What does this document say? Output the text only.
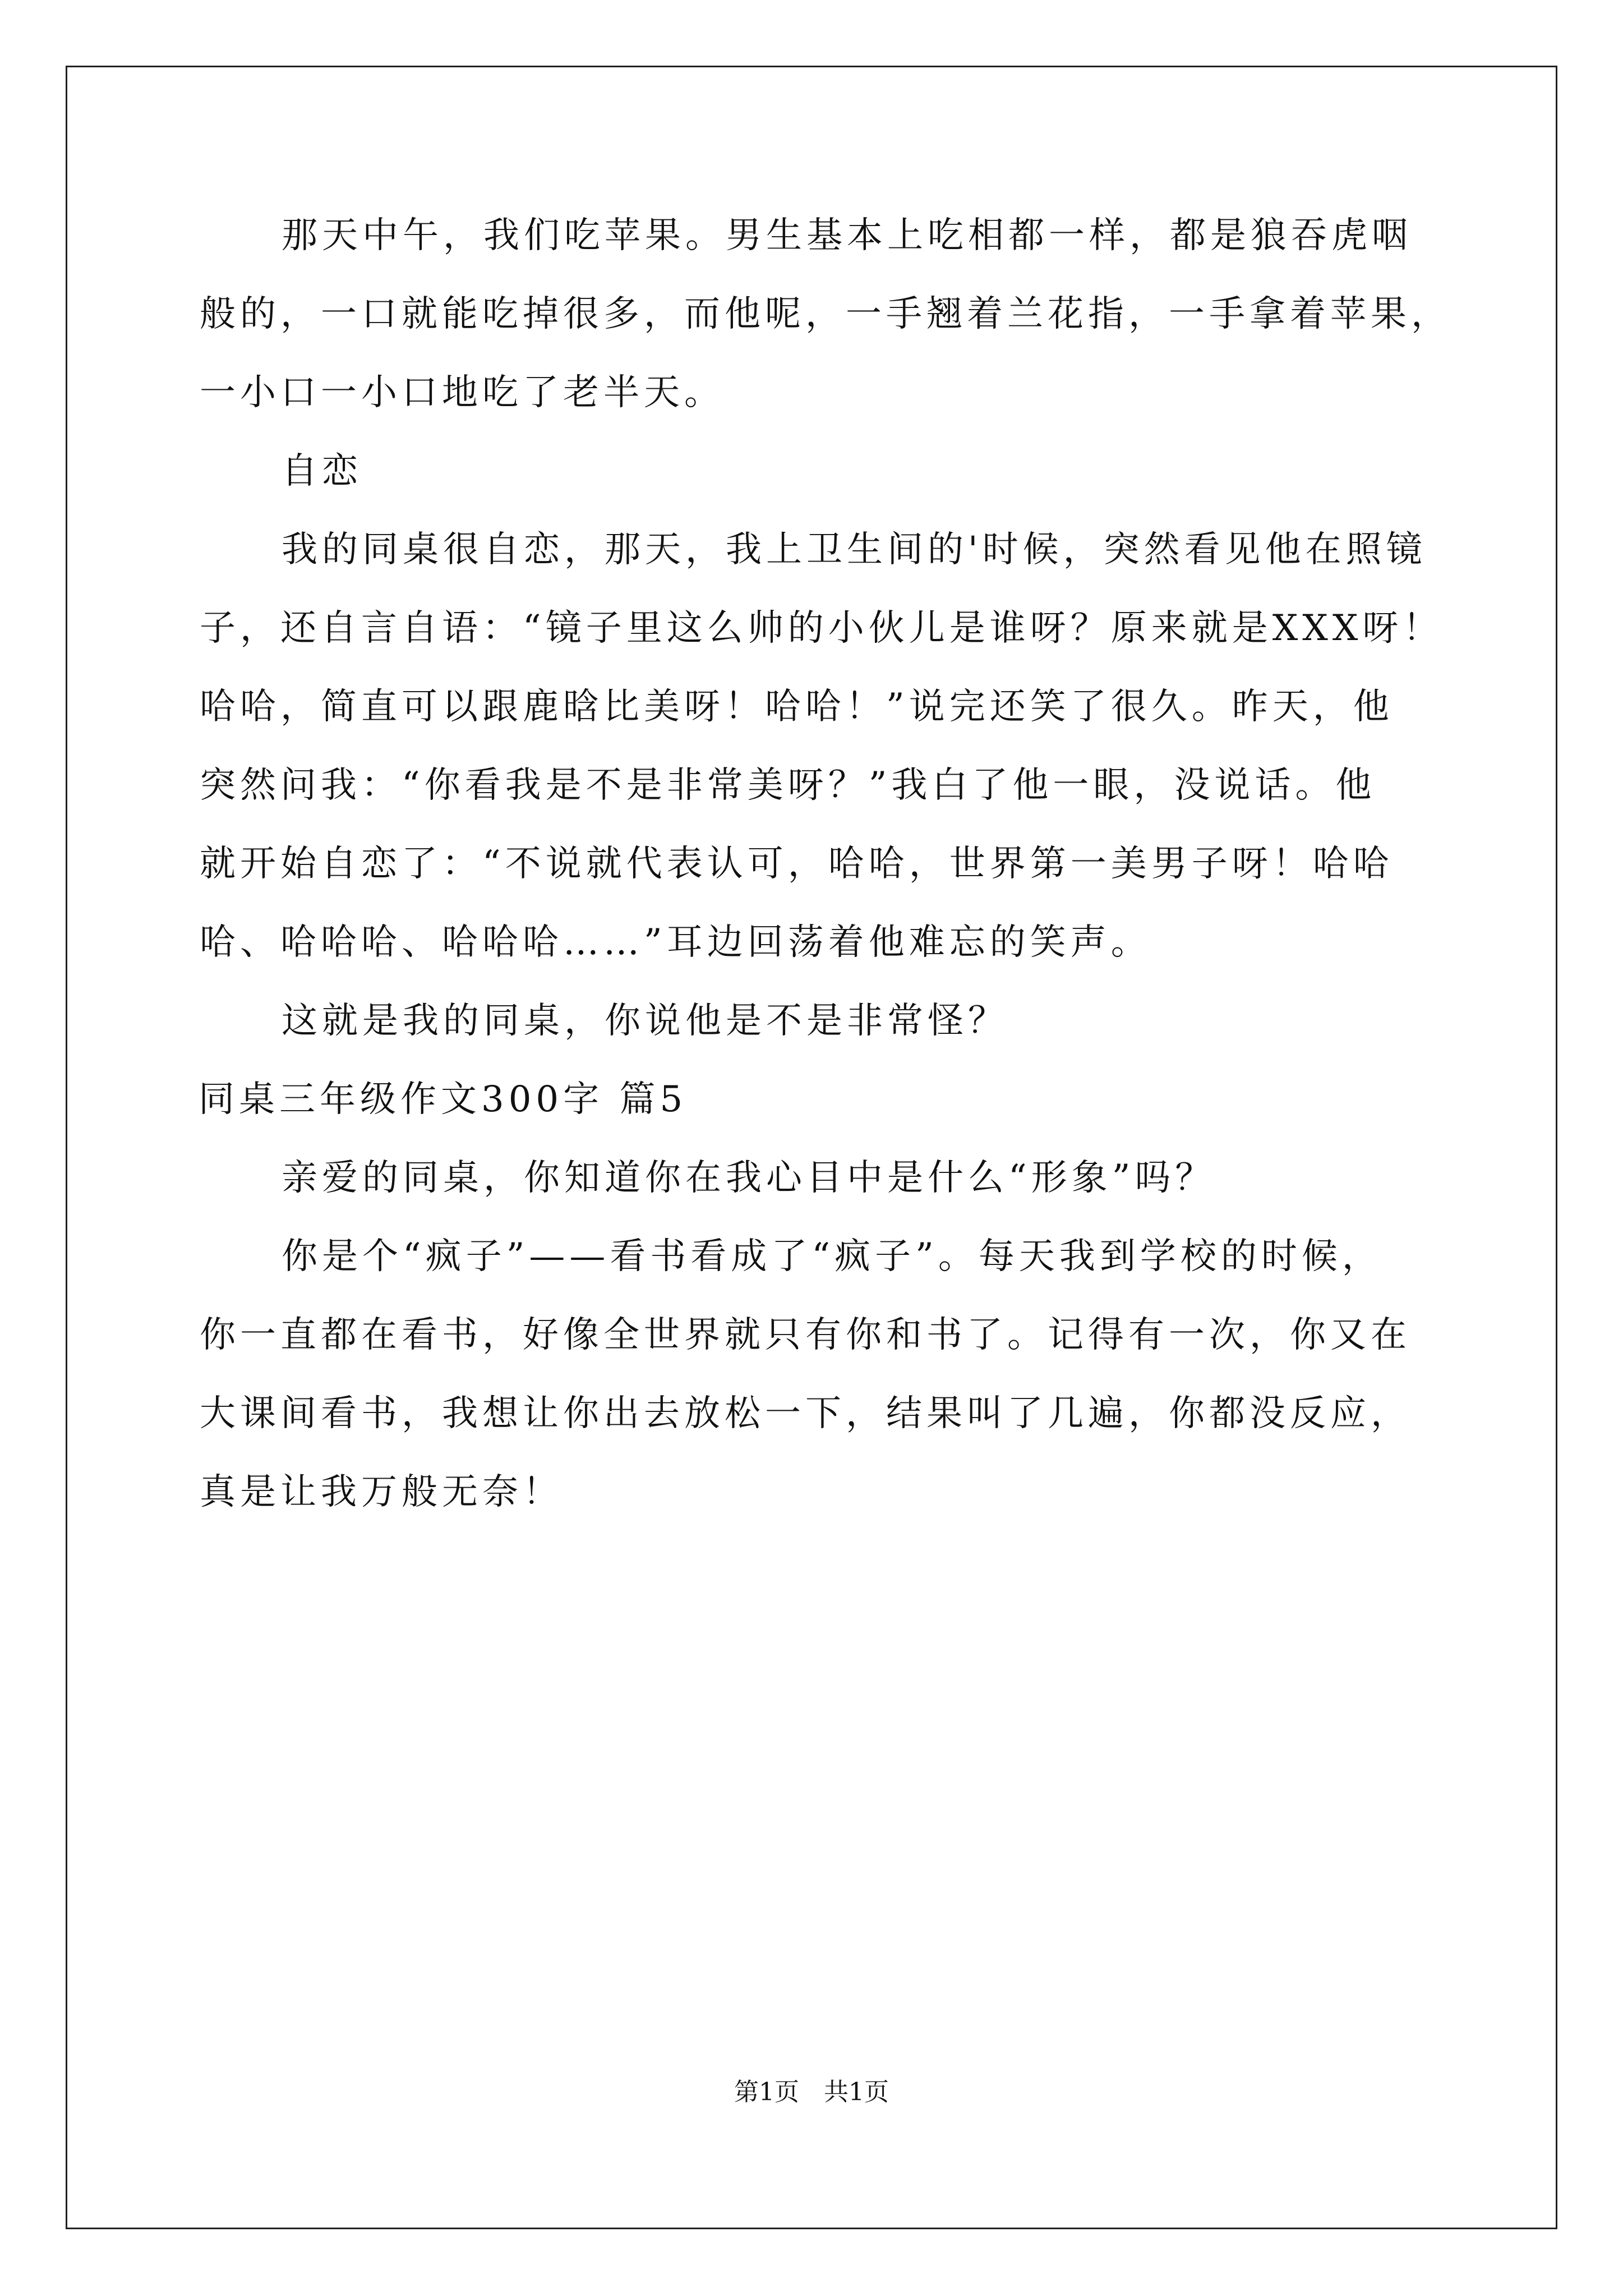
那天中午，我们吃苹果。男生基本上吃相都一样，都是狼吞虎咽
般的，一口就能吃掉很多，而他呢，一手翘着兰花指，一手拿着苹果，
一小口一小口地吃了老半天。
自恋
我的同桌很自恋，那天，我上卫生间的'时候，突然看见他在照镜
子，还自言自语：“镜子里这么帅的小伙儿是谁呀？原来就是XXX呀！
哈哈，简直可以跟鹿晗比美呀！哈哈！”说完还笑了很久。昨天，他
突然问我：“你看我是不是非常美呀？”我白了他一眼，没说话。他
就开始自恋了：“不说就代表认可，哈哈，世界第一美男子呀！哈哈
哈、哈哈哈、哈哈哈……”耳边回荡着他难忘的笑声。
这就是我的同桌，你说他是不是非常怪？
同桌三年级作文300字 篇5
亲爱的同桌，你知道你在我心目中是什么“形象”吗？
你是个“疯子”——看书看成了“疯子”。每天我到学校的时候，
你一直都在看书，好像全世界就只有你和书了。记得有一次，你又在
大课间看书，我想让你出去放松一下，结果叫了几遍，你都没反应，
真是让我万般无奈！
第1页　共1页
